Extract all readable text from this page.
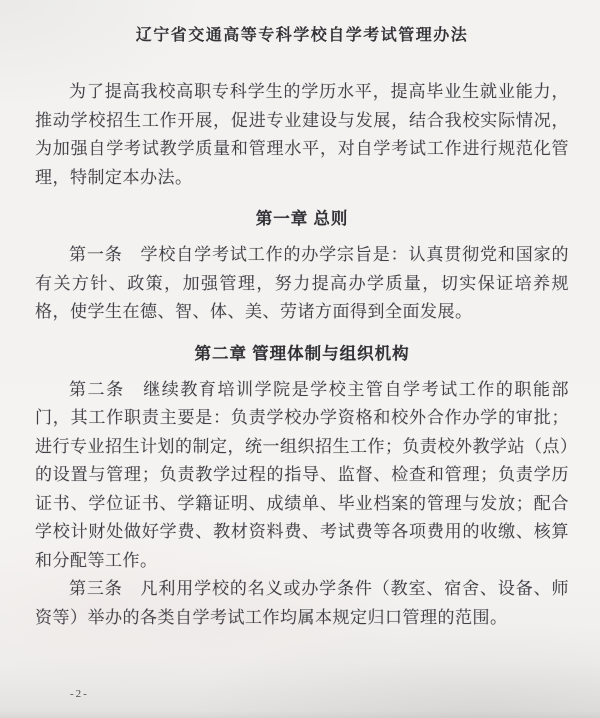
辽宁省交通高等专科学校自学考试管理办法

为了提高我校高职专科学生的学历水平，提高毕业生就业能力，推动学校招生工作开展，促进专业建设与发展，结合我校实际情况，为加强自学考试教学质量和管理水平，对自学考试工作进行规范化管理，特制定本办法。

第一章 总则

第一条　学校自学考试工作的办学宗旨是：认真贯彻党和国家的有关方针、政策，加强管理，努力提高办学质量，切实保证培养规格，使学生在德、智、体、美、劳诸方面得到全面发展。

第二章 管理体制与组织机构

第二条　继续教育培训学院是学校主管自学考试工作的职能部门，其工作职责主要是：负责学校办学资格和校外合作办学的审批；进行专业招生计划的制定，统一组织招生工作；负责校外教学站（点）的设置与管理；负责教学过程的指导、监督、检查和管理；负责学历证书、学位证书、学籍证明、成绩单、毕业档案的管理与发放；配合学校计财处做好学费、教材资料费、考试费等各项费用的收缴、核算和分配等工作。

第三条　凡利用学校的名义或办学条件（教室、宿舍、设备、师资等）举办的各类自学考试工作均属本规定归口管理的范围。

-2-
